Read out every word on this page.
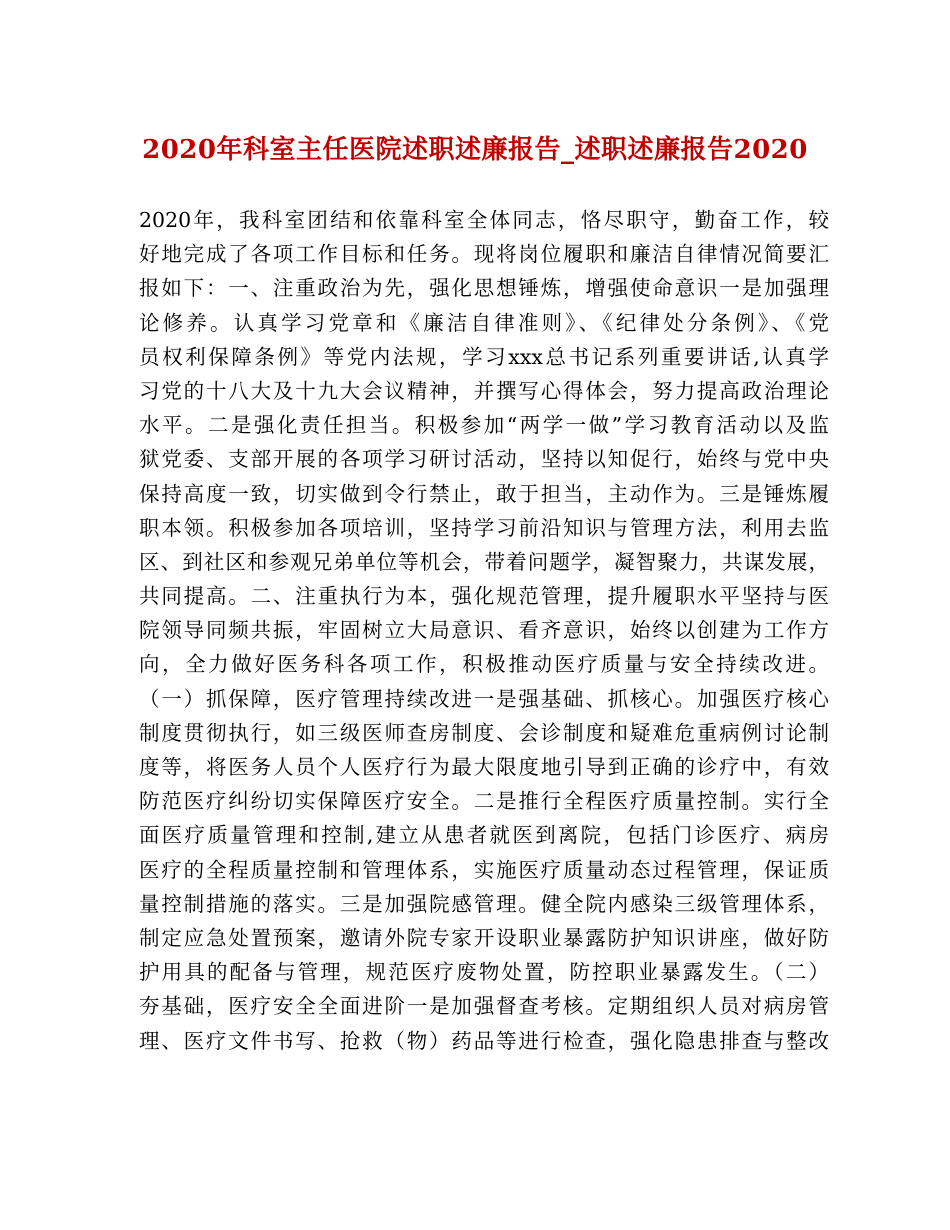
2020年科室主任医院述职述廉报告_述职述廉报告2020
2020年，我科室团结和依靠科室全体同志，恪尽职守，勤奋工作，较
好地完成了各项工作目标和任务。现将岗位履职和廉洁自律情况简要汇
报如下：一、注重政治为先，强化思想锤炼，增强使命意识一是加强理
论修养。认真学习党章和《廉洁自律准则》、《纪律处分条例》、《党
员权利保障条例》等党内法规，学习xxx总书记系列重要讲话,认真学
习党的十八大及十九大会议精神，并撰写心得体会，努力提高政治理论
水平。二是强化责任担当。积极参加“两学一做”学习教育活动以及监
狱党委、支部开展的各项学习研讨活动，坚持以知促行，始终与党中央
保持高度一致，切实做到令行禁止，敢于担当，主动作为。三是锤炼履
职本领。积极参加各项培训，坚持学习前沿知识与管理方法，利用去监
区、到社区和参观兄弟单位等机会，带着问题学，凝智聚力，共谋发展，
共同提高。二、注重执行为本，强化规范管理，提升履职水平坚持与医
院领导同频共振，牢固树立大局意识、看齐意识，始终以创建为工作方
向，全力做好医务科各项工作，积极推动医疗质量与安全持续改进。
（一）抓保障，医疗管理持续改进一是强基础、抓核心。加强医疗核心
制度贯彻执行，如三级医师查房制度、会诊制度和疑难危重病例讨论制
度等，将医务人员个人医疗行为最大限度地引导到正确的诊疗中，有效
防范医疗纠纷切实保障医疗安全。二是推行全程医疗质量控制。实行全
面医疗质量管理和控制,建立从患者就医到离院，包括门诊医疗、病房
医疗的全程质量控制和管理体系，实施医疗质量动态过程管理，保证质
量控制措施的落实。三是加强院感管理。健全院内感染三级管理体系，
制定应急处置预案，邀请外院专家开设职业暴露防护知识讲座，做好防
护用具的配备与管理，规范医疗废物处置，防控职业暴露发生。（二）
夯基础，医疗安全全面进阶一是加强督查考核。定期组织人员对病房管
理、医疗文件书写、抢救（物）药品等进行检查，强化隐患排查与整改
